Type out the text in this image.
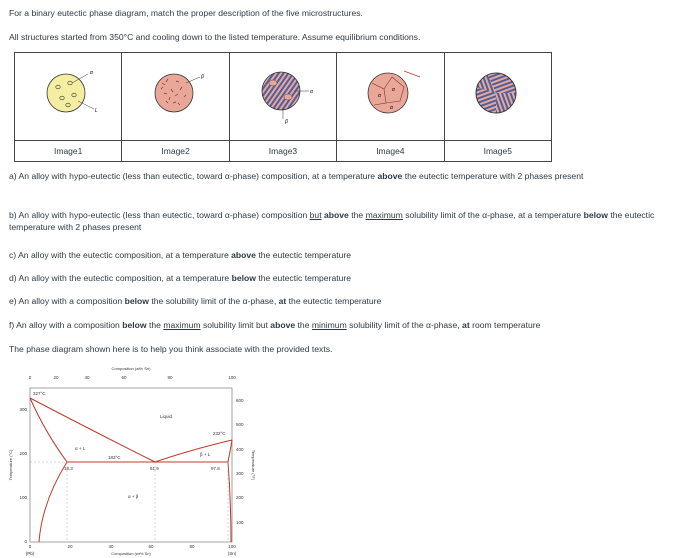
For a binary eutectic phase diagram, match the proper description of the five microstructures.
All structures started from 350°C and cooling down to the listed temperature. Assume equilibrium conditions.
α
L	β	α
β	α
α
α

Image1	Image2	Image3	Image4	Image5
a) An alloy with hypo-eutectic (less than eutectic, toward α-phase) composition, at a temperature above the eutectic temperature with 2 phases present
b) An alloy with hypo-eutectic (less than eutectic, toward α-phase) composition but above the maximum solubility limit of the α-phase, at a temperature below the eutectic temperature with 2 phases present
c) An alloy with the eutectic composition, at a temperature above the eutectic temperature
d) An alloy with the eutectic composition, at a temperature below the eutectic temperature
e) An alloy with a composition below the solubility limit of the α-phase, at the eutectic temperature
f) An alloy with a composition below the maximum solubility limit but above the minimum solubility limit of the α-phase, at room temperature
The phase diagram shown here is to help you think associate with the provided texts.
Composition (at% Sn)
0	20	40	60	80	100
0	20	40	60	80	100
(Pb)	(Sn)
Composition (wt% Sn)
0
100
200
300
Temperature (°C)
100
200
300
400
500
600
Temperature (°F)
Liquid
α + L
β + L
α + β
327°C
232°C
183°C
18.3	61.9	97.8
